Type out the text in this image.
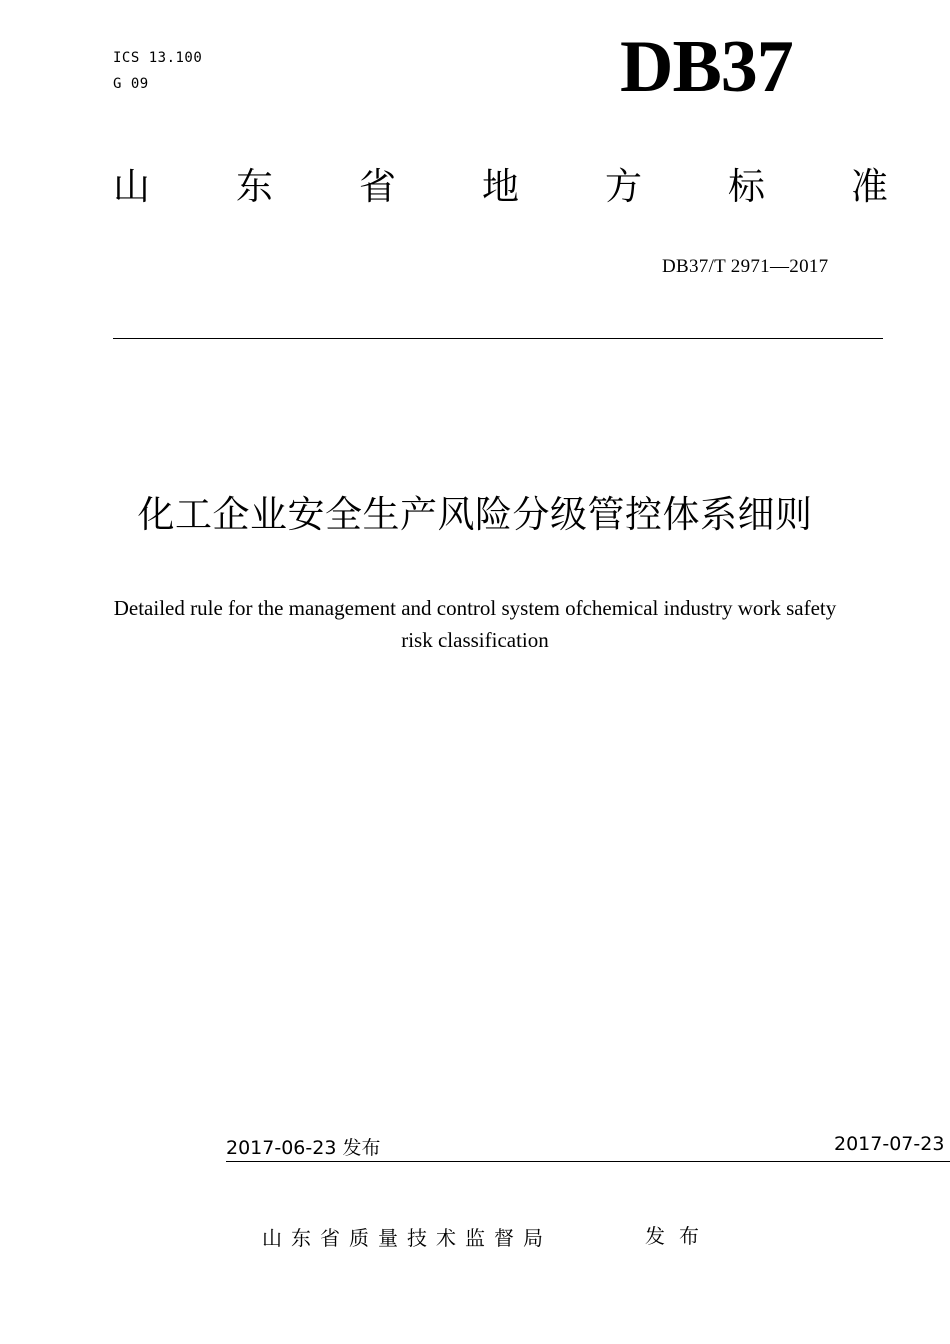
ICS 13.100
G 09	DB37
山 东 省 地 方 标 准
DB37/T 2971—2017
化工企业安全生产风险分级管控体系细则
Detailed rule for the management and control system ofchemical industry work safety
risk classification
2017-06-23 发布	2017-07-23
山东省质量技术监督局	发布
